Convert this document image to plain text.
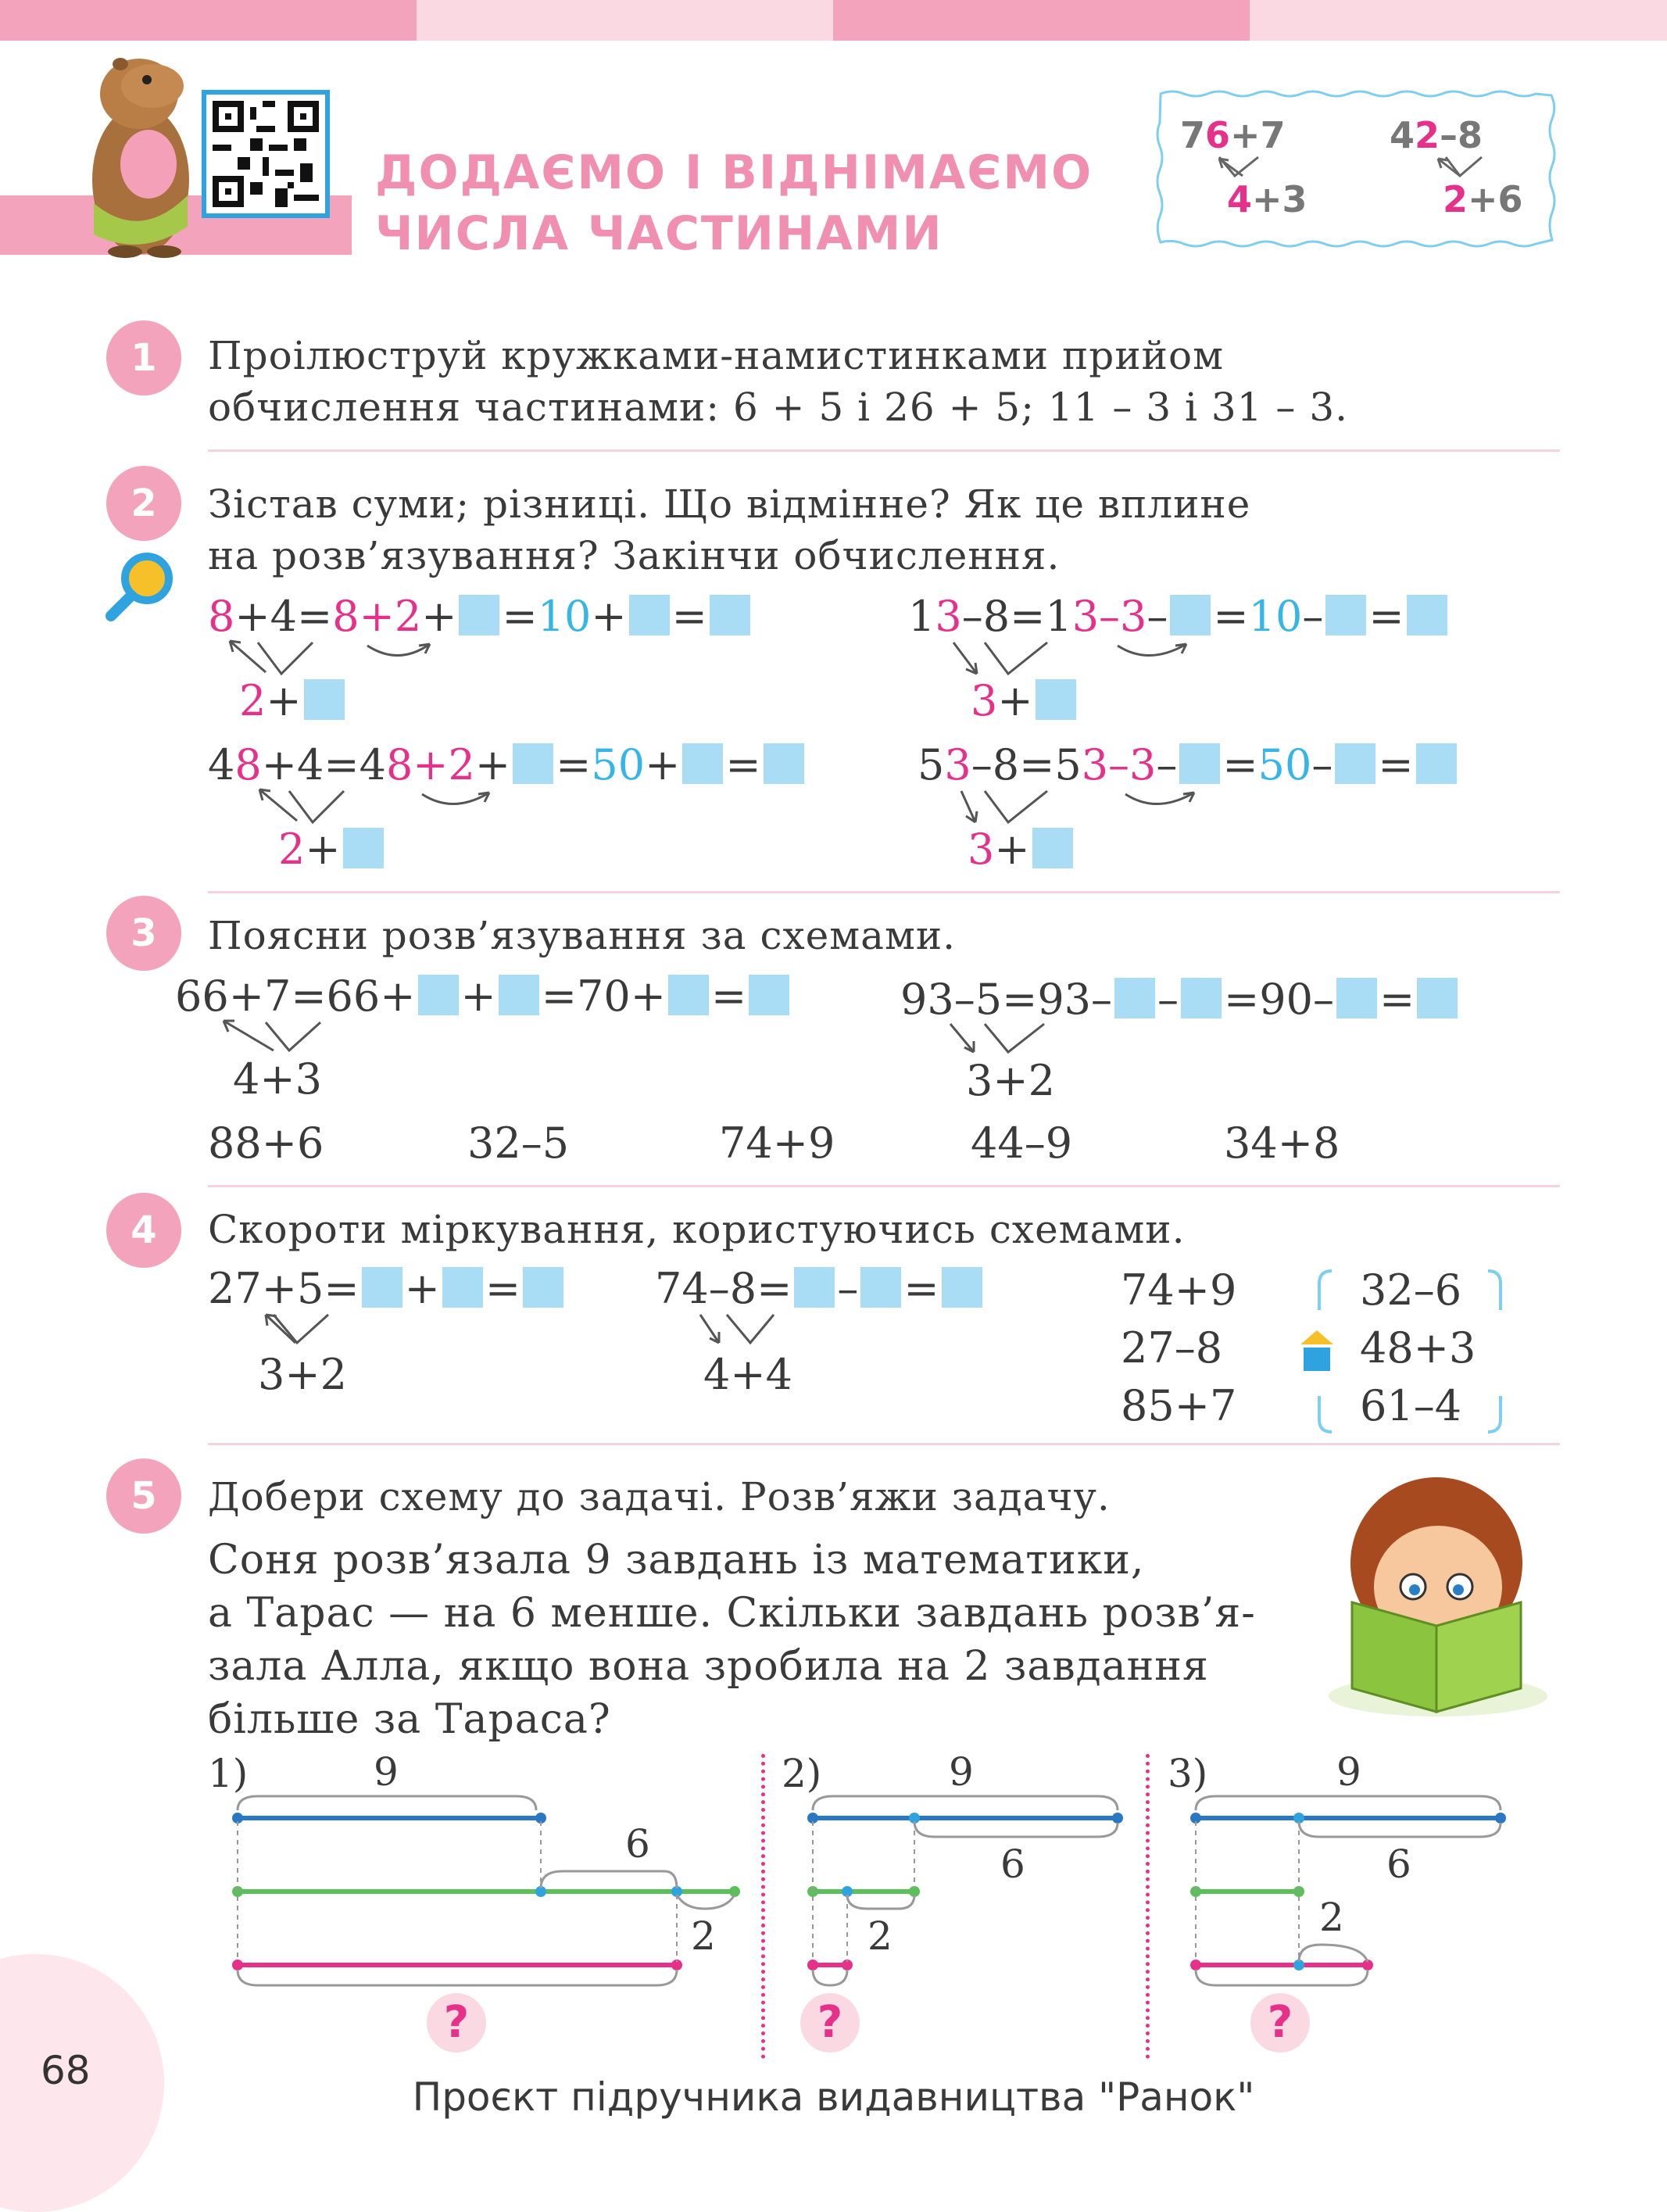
ДОДАЄМО І ВІДНІМАЄМО
ЧИСЛА ЧАСТИНАМИ
76+7
4+3
42–8
2+6
1	Проілюструй кружками-намистинками прийом
обчислення частинами: 6 + 5 і 26 + 5; 11 – 3 і 31 – 3.
2	Зістав суми; різниці. Що відмінне? Як це вплине
на розв’язування? Закінчи обчислення.
8+4=8+2+ =10+ =
2+
13–8=13–3– =10– =
3+
48+4=48+2+ =50+ =
2+
53–8=53–3– =50– =
3+
3	Поясни розв’язування за схемами.
66+7=66+ + =70+ =
4+3
93–5=93– – =90– =
3+2
88+6	32–5	74+9	44–9	34+8
4	Скороти міркування, користуючись схемами.
27+5= + =
3+2
74–8= – =
4+4
74+9
27–8
85+7
32–6
48+3
61–4
5	Добери схему до задачі. Розв’яжи задачу.
Соня розв’язала 9 завдань із математики,
а Тарас — на 6 менше. Скільки завдань розв’я-
зала Алла, якщо вона зробила на 2 завдання
більше за Тараса?
1)	9
6
2
?
2)	9
6
2
?
3)	9
6
2
?
68
Проєкт підручника видавництва "Ранок"
